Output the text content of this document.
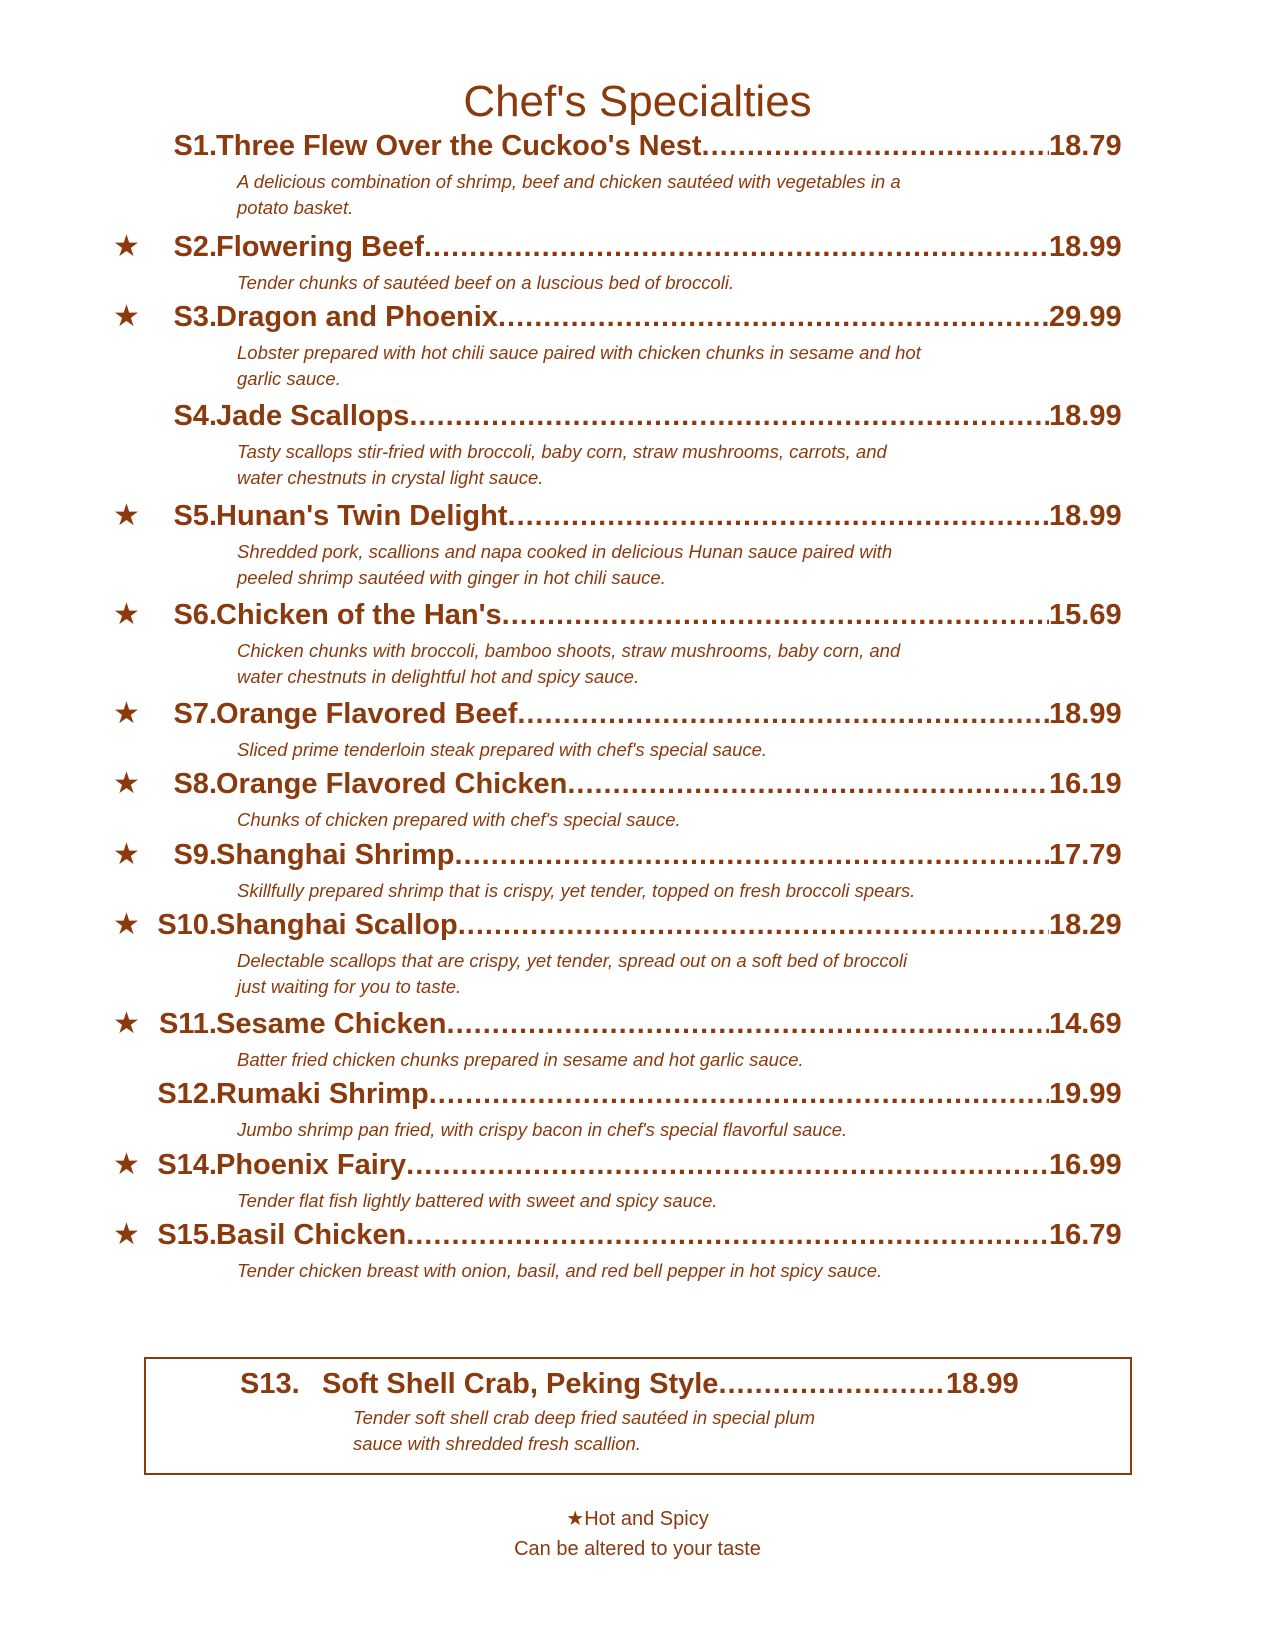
Chef's Specialties
S1. Three Flew Over the Cuckoo's Nest .....	18.79
A delicious combination of shrimp, beef and chicken sautéed with vegetables in a
potato basket.
★ S2. Flowering Beef .....	18.99
Tender chunks of sautéed beef on a luscious bed of broccoli.
★ S3. Dragon and Phoenix .....	29.99
Lobster prepared with hot chili sauce paired with chicken chunks in sesame and hot
garlic sauce.
S4. Jade Scallops .....	18.99
Tasty scallops stir-fried with broccoli, baby corn, straw mushrooms, carrots, and
water chestnuts in crystal light sauce.
★ S5. Hunan's Twin Delight .....	18.99
Shredded pork, scallions and napa cooked in delicious Hunan sauce paired with
peeled shrimp sautéed with ginger in hot chili sauce.
★ S6. Chicken of the Han's .....	15.69
Chicken chunks with broccoli, bamboo shoots, straw mushrooms, baby corn, and
water chestnuts in delightful hot and spicy sauce.
★ S7. Orange Flavored Beef .....	18.99
Sliced prime tenderloin steak prepared with chef's special sauce.
★ S8. Orange Flavored Chicken .....	16.19
Chunks of chicken prepared with chef's special sauce.
★ S9. Shanghai Shrimp .....	17.79
Skillfully prepared shrimp that is crispy, yet tender, topped on fresh broccoli spears.
★ S10. Shanghai Scallop .....	18.29
Delectable scallops that are crispy, yet tender, spread out on a soft bed of broccoli
just waiting for you to taste.
★ S11. Sesame Chicken .....	14.69
Batter fried chicken chunks prepared in sesame and hot garlic sauce.
S12. Rumaki Shrimp .....	19.99
Jumbo shrimp pan fried, with crispy bacon in chef's special flavorful sauce.
★ S14. Phoenix Fairy .....	16.99
Tender flat fish lightly battered with sweet and spicy sauce.
★ S15. Basil Chicken .....	16.79
Tender chicken breast with onion, basil, and red bell pepper in hot spicy sauce.
S13. Soft Shell Crab, Peking Style .....	18.99
Tender soft shell crab deep fried sautéed in special plum
sauce with shredded fresh scallion.
★Hot and Spicy
Can be altered to your taste
